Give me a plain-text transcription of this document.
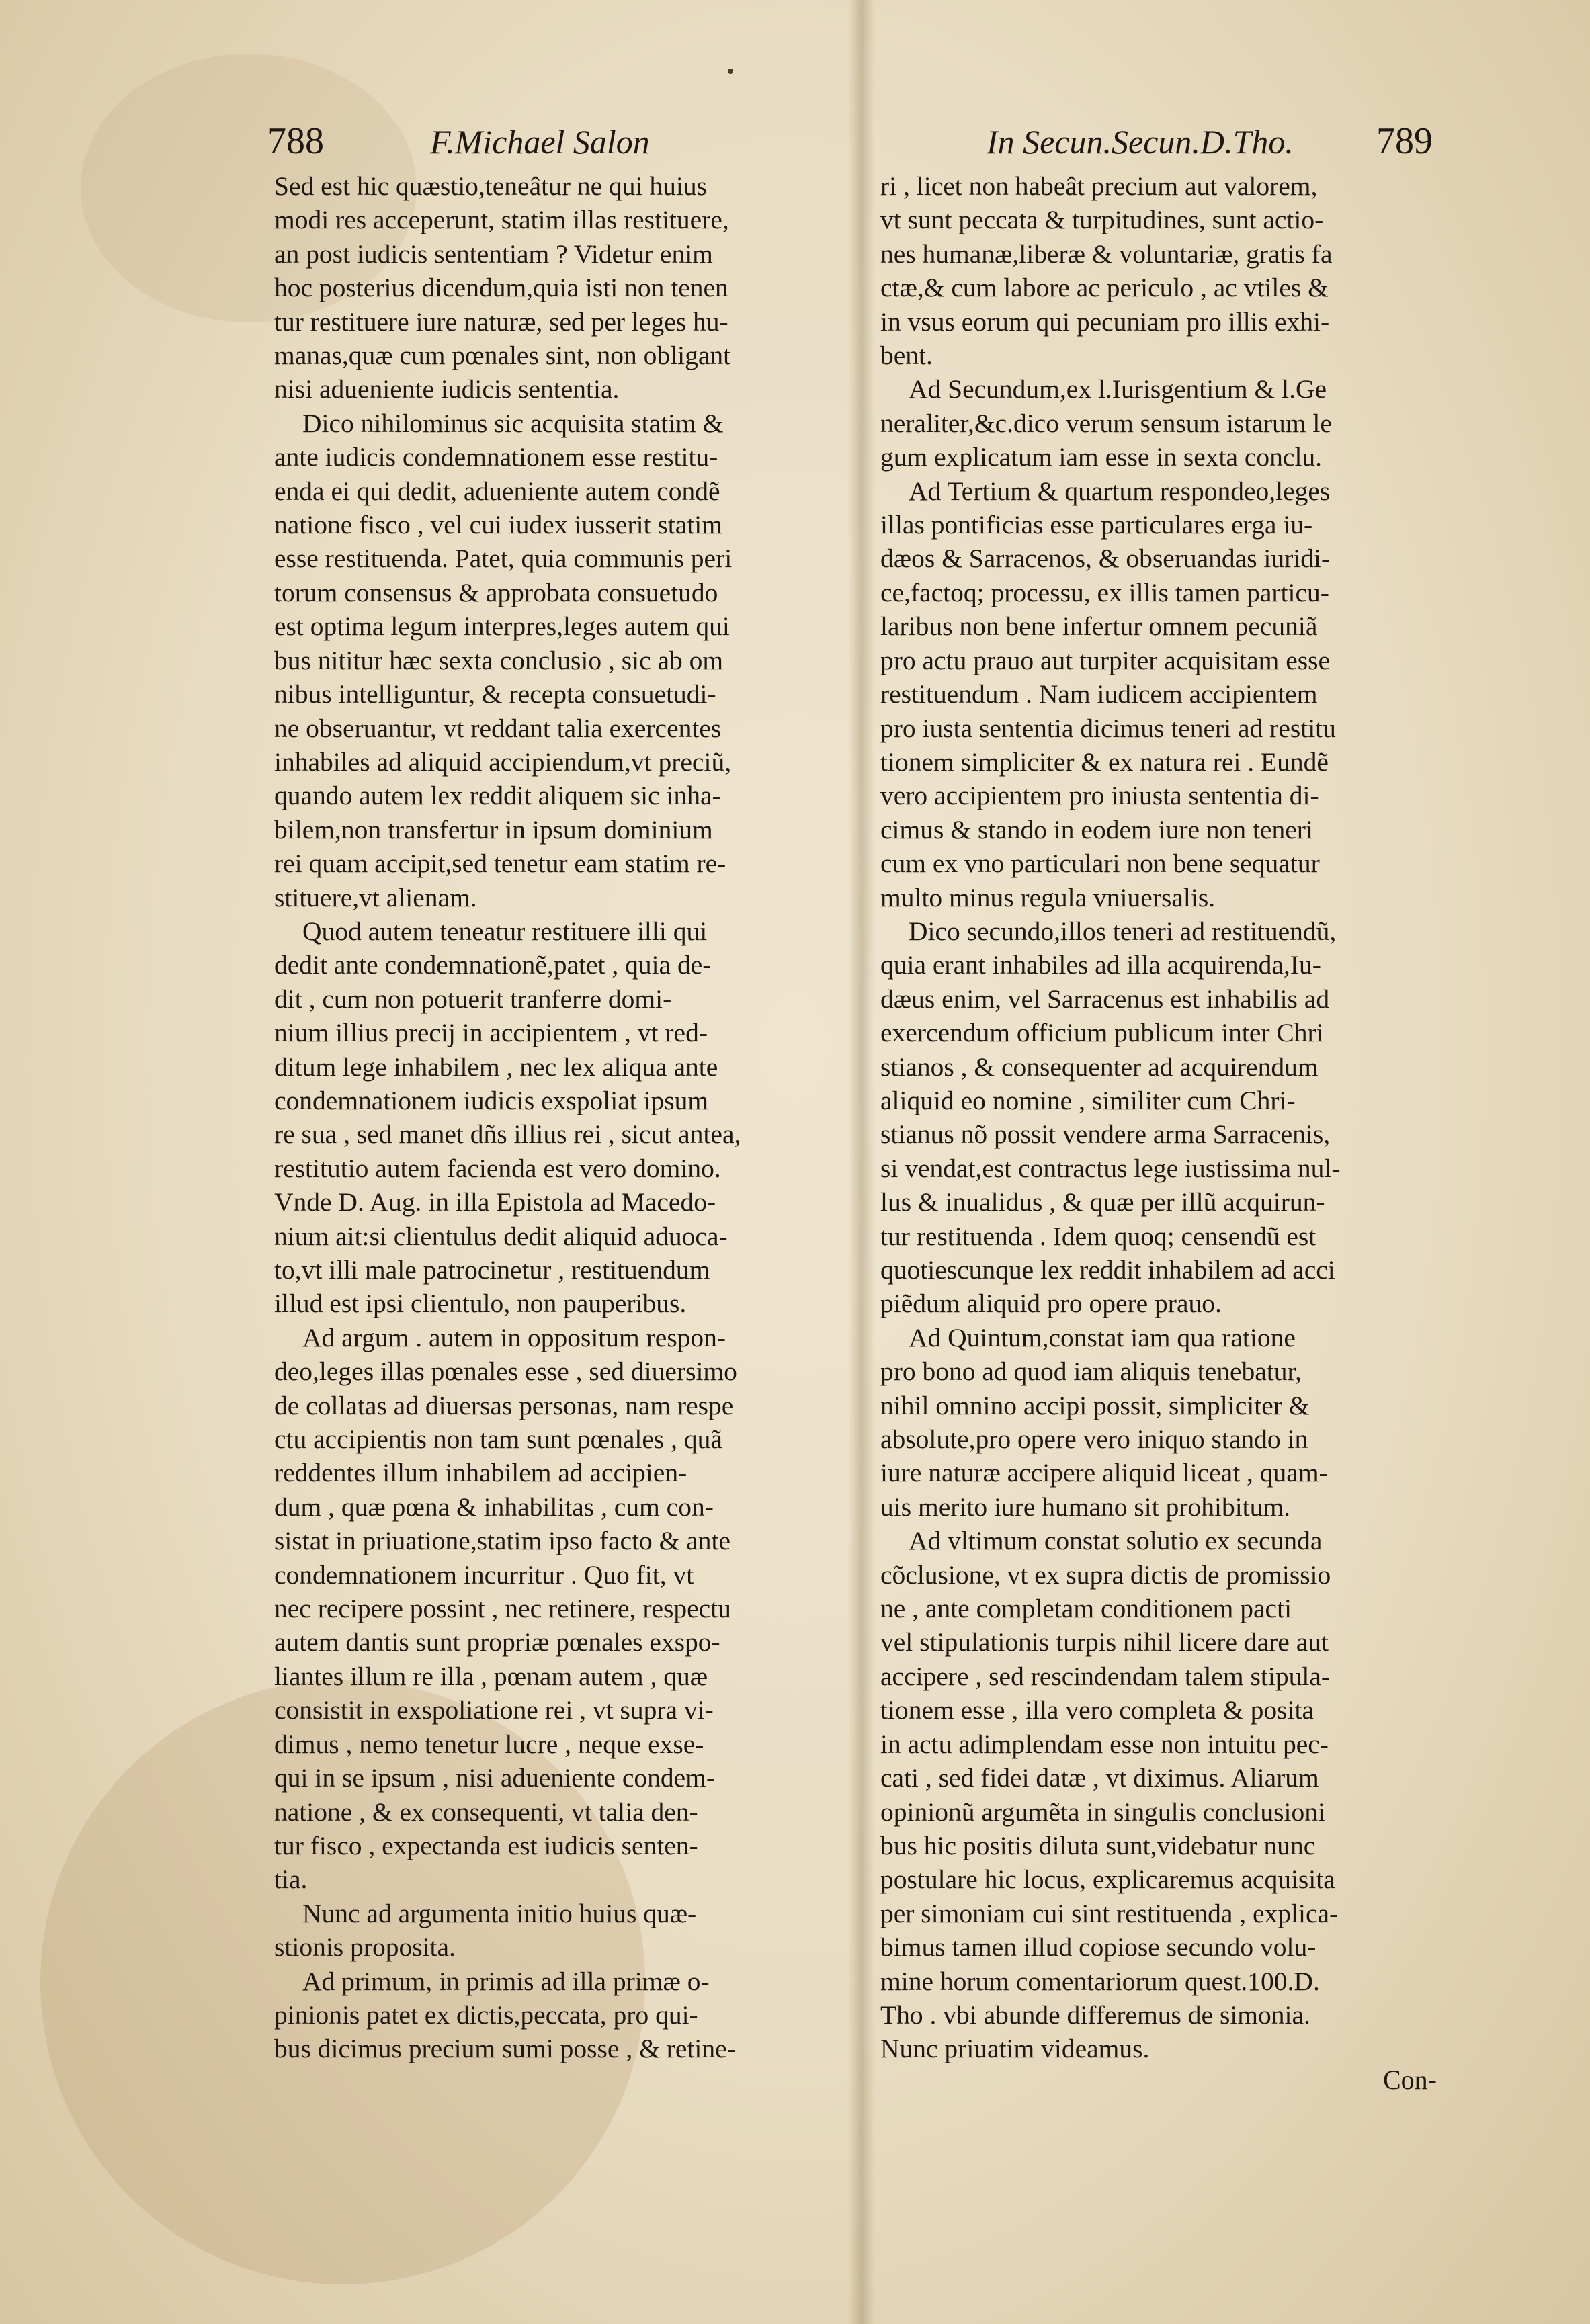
788	F.Michael Salon	In Secun.Secun.D.Tho. 789
Sed est hic quæstio,teneâtur ne qui huius
modi res acceperunt, statim illas restituere,
an post iudicis sententiam ? Videtur enim
hoc posterius dicendum,quia isti non tenen
tur restituere iure naturæ, sed per leges hu-
manas,quæ cum pœnales sint, non obligant
nisi adueniente iudicis sententia.
Dico nihilominus sic acquisita statim &
ante iudicis condemnationem esse restitu-
enda ei qui dedit, adueniente autem condẽ
natione fisco , vel cui iudex iusserit statim
esse restituenda. Patet, quia communis peri
torum consensus & approbata consuetudo
est optima legum interpres,leges autem qui
bus nititur hæc sexta conclusio , sic ab om
nibus intelliguntur, & recepta consuetudi-
ne obseruantur, vt reddant talia exercentes
inhabiles ad aliquid accipiendum,vt preciũ,
quando autem lex reddit aliquem sic inha-
bilem,non transfertur in ipsum dominium
rei quam accipit,sed tenetur eam statim re-
stituere,vt alienam.
Quod autem teneatur restituere illi qui
dedit ante condemnationẽ,patet , quia de-
dit , cum non potuerit tranferre domi-
nium illius precij in accipientem , vt red-
ditum lege inhabilem , nec lex aliqua ante
condemnationem iudicis exspoliat ipsum
re sua , sed manet dñs illius rei , sicut antea,
restitutio autem facienda est vero domino.
Vnde D. Aug. in illa Epistola ad Macedo-
nium ait:si clientulus dedit aliquid aduoca-
to,vt illi male patrocinetur , restituendum
illud est ipsi clientulo, non pauperibus.
Ad argum . autem in oppositum respon-
deo,leges illas pœnales esse , sed diuersimo
de collatas ad diuersas personas, nam respe
ctu accipientis non tam sunt pœnales , quã
reddentes illum inhabilem ad accipien-
dum , quæ pœna & inhabilitas , cum con-
sistat in priuatione,statim ipso facto & ante
condemnationem incurritur . Quo fit, vt
nec recipere possint , nec retinere, respectu
autem dantis sunt propriæ pœnales exspo-
liantes illum re illa , pœnam autem , quæ
consistit in exspoliatione rei , vt supra vi-
dimus , nemo tenetur lucre , neque exse-
qui in se ipsum , nisi adueniente condem-
natione , & ex consequenti, vt talia den-
tur fisco , expectanda est iudicis senten-
tia.
Nunc ad argumenta initio huius quæ-
stionis proposita.
Ad primum, in primis ad illa primæ o-
pinionis patet ex dictis,peccata, pro qui-
bus dicimus precium sumi posse , & retine-
ri , licet non habeât precium aut valorem,
vt sunt peccata & turpitudines, sunt actio-
nes humanæ,liberæ & voluntariæ, gratis fa
ctæ,& cum labore ac periculo , ac vtiles &
in vsus eorum qui pecuniam pro illis exhi-
bent.
Ad Secundum,ex l.Iurisgentium & l.Ge
neraliter,&c.dico verum sensum istarum le
gum explicatum iam esse in sexta conclu.
Ad Tertium & quartum respondeo,leges
illas pontificias esse particulares erga iu-
dæos & Sarracenos, & obseruandas iuridi-
ce,factoq; processu, ex illis tamen particu-
laribus non bene infertur omnem pecuniã
pro actu prauo aut turpiter acquisitam esse
restituendum . Nam iudicem accipientem
pro iusta sententia dicimus teneri ad restitu
tionem simpliciter & ex natura rei . Eundẽ
vero accipientem pro iniusta sententia di-
cimus & stando in eodem iure non teneri
cum ex vno particulari non bene sequatur
multo minus regula vniuersalis.
Dico secundo,illos teneri ad restituendũ,
quia erant inhabiles ad illa acquirenda,Iu-
dæus enim, vel Sarracenus est inhabilis ad
exercendum officium publicum inter Chri
stianos , & consequenter ad acquirendum
aliquid eo nomine , similiter cum Chri-
stianus nõ possit vendere arma Sarracenis,
si vendat,est contractus lege iustissima nul-
lus & inualidus , & quæ per illũ acquirun-
tur restituenda . Idem quoq; censendũ est
quotiescunque lex reddit inhabilem ad acci
piẽdum aliquid pro opere prauo.
Ad Quintum,constat iam qua ratione
pro bono ad quod iam aliquis tenebatur,
nihil omnino accipi possit, simpliciter &
absolute,pro opere vero iniquo stando in
iure naturæ accipere aliquid liceat , quam-
uis merito iure humano sit prohibitum.
Ad vltimum constat solutio ex secunda
cõclusione, vt ex supra dictis de promissio
ne , ante completam conditionem pacti
vel stipulationis turpis nihil licere dare aut
accipere , sed rescindendam talem stipula-
tionem esse , illa vero completa & posita
in actu adimplendam esse non intuitu pec-
cati , sed fidei datæ , vt diximus. Aliarum
opinionũ argumẽta in singulis conclusioni
bus hic positis diluta sunt,videbatur nunc
postulare hic locus, explicaremus acquisita
per simoniam cui sint restituenda , explica-
bimus tamen illud copiose secundo volu-
mine horum comentariorum quest.100.D.
Tho . vbi abunde differemus de simonia.
Nunc priuatim videamus.
Con-
